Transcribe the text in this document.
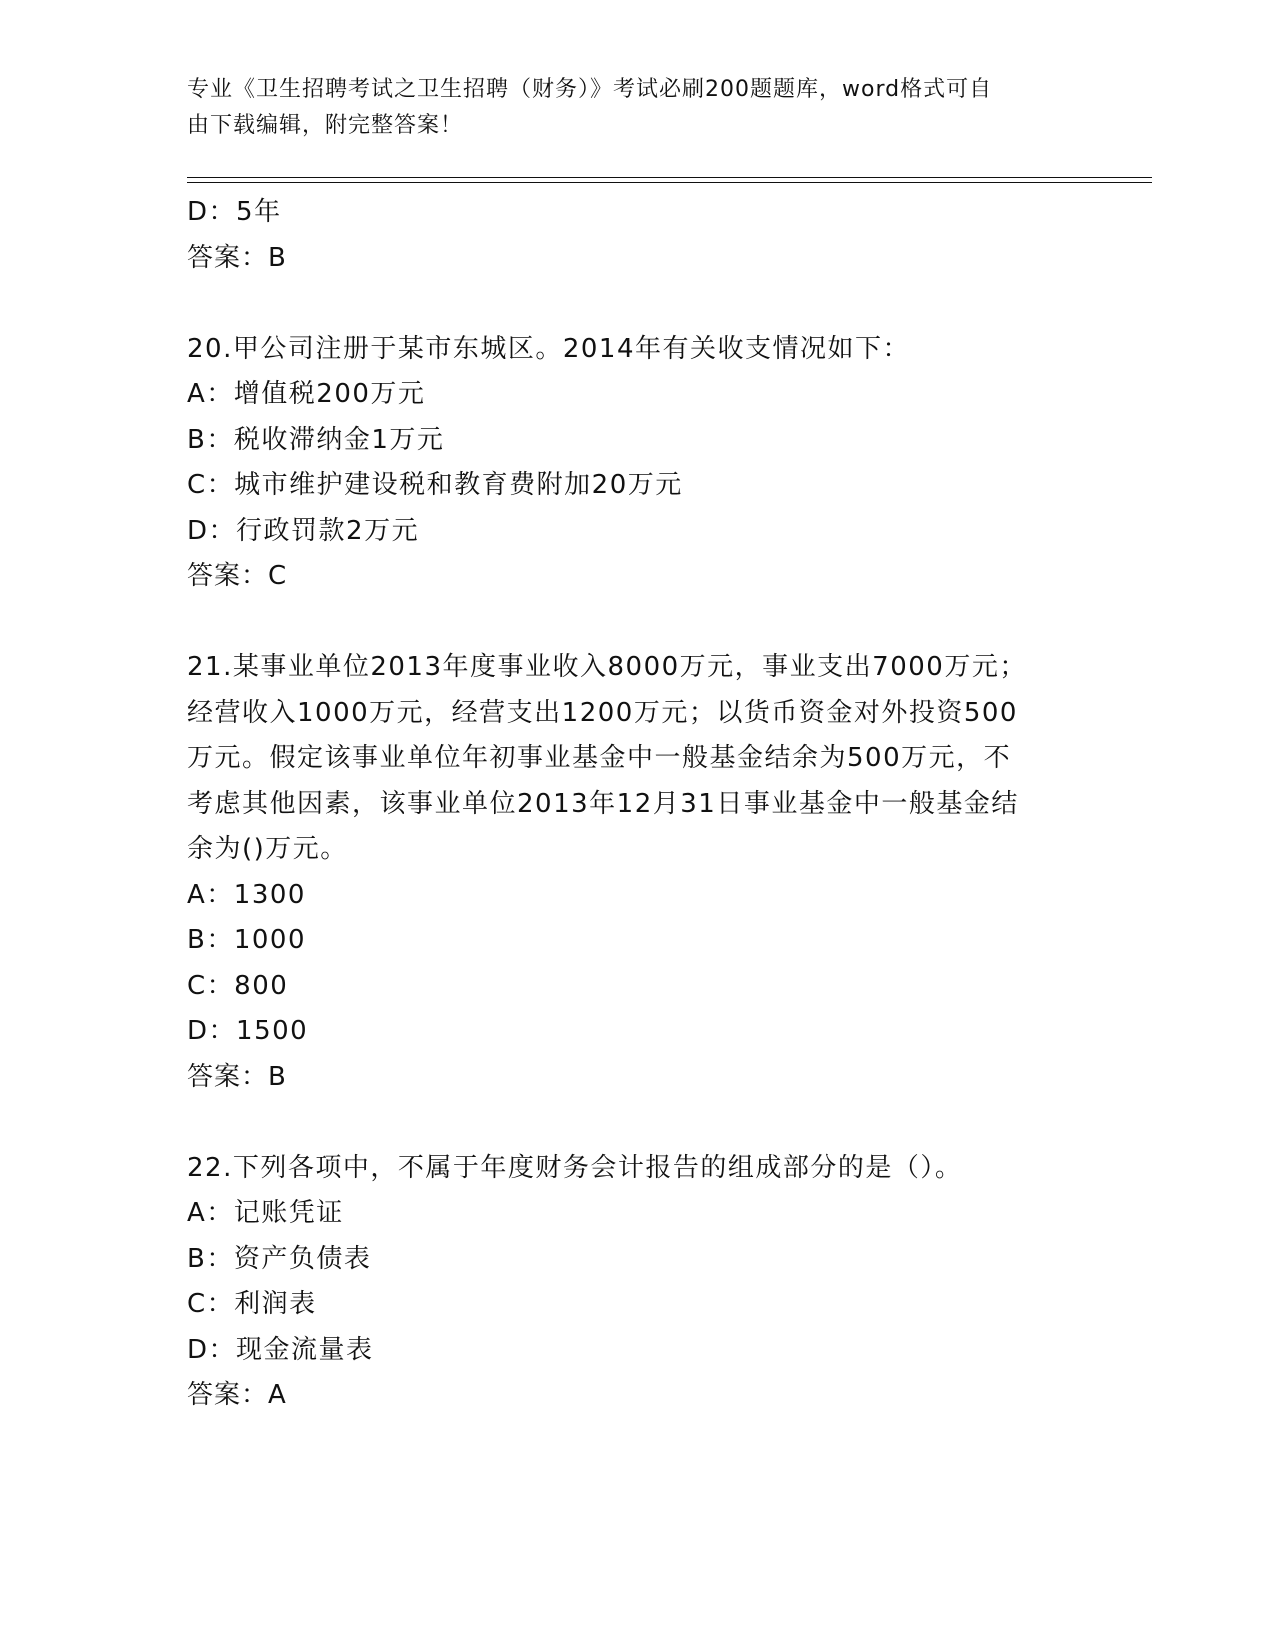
专业《卫生招聘考试之卫生招聘（财务）》考试必刷200题题库，word格式可自
由下载编辑，附完整答案！
D：5年
答案：B
20.甲公司注册于某市东城区。2014年有关收支情况如下：
A：增值税200万元
B：税收滞纳金1万元
C：城市维护建设税和教育费附加20万元
D：行政罚款2万元
答案：C
21.某事业单位2013年度事业收入8000万元，事业支出7000万元；
经营收入1000万元，经营支出1200万元；以货币资金对外投资500
万元。假定该事业单位年初事业基金中一般基金结余为500万元，不
考虑其他因素，该事业单位2013年12月31日事业基金中一般基金结
余为()万元。
A：1300
B：1000
C：800
D：1500
答案：B
22.下列各项中，不属于年度财务会计报告的组成部分的是（）。
A：记账凭证
B：资产负债表
C：利润表
D：现金流量表
答案：A
